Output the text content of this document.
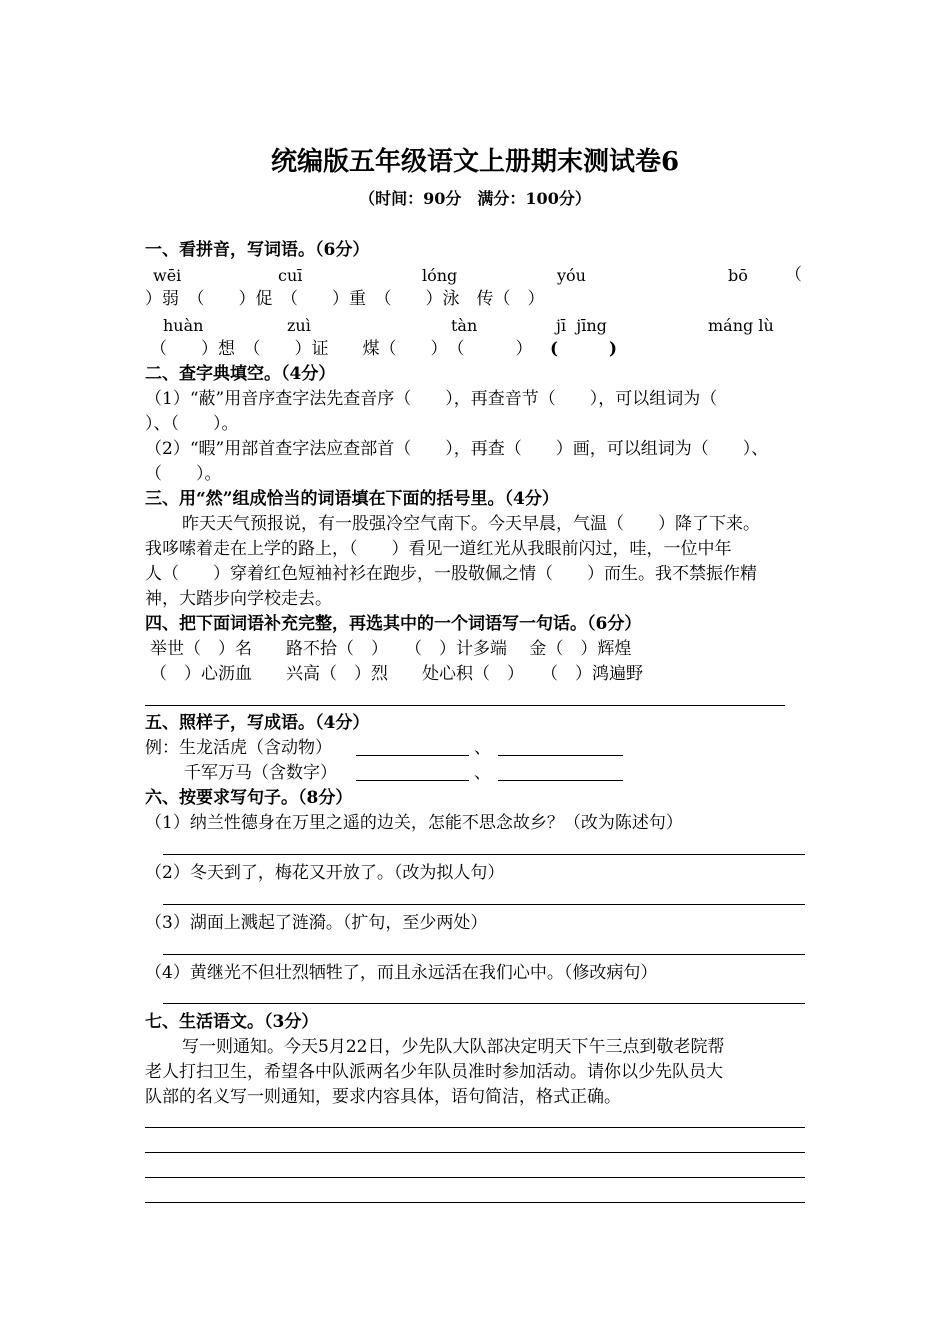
统编版五年级语文上册期末测试卷6
（时间：90分　满分：100分）
一、看拼音，写词语。（6分）
wēi	cuī	lóng	yóu	bō （
）弱　（　　）促　（　　）重　（　　）泳　传（　）
huàn	zuì	tàn	jī  jīng	máng lù
（　　）想　（　　）证　　煤（　　）　（　　　） (　　　)
二、查字典填空。（4分）
（1）“蔽”用音序查字法先查音序（　　），再查音节（　　），可以组词为（
）、（　　）。
（2）“暇”用部首查字法应查部首（　　），再查（　　）画，可以组词为（　　）、
（　　）。
三、用“然”组成恰当的词语填在下面的括号里。（4分）
昨天天气预报说，有一股强冷空气南下。今天早晨，气温（　　）降了下来。
我哆嗦着走在上学的路上，（　　）看见一道红光从我眼前闪过，哇，一位中年
人（　　）穿着红色短袖衬衫在跑步，一股敬佩之情（　　）而生。我不禁振作精
神，大踏步向学校走去。
四、把下面词语补充完整，再选其中的一个词语写一句话。（6分）
举世（　）名　　路不拾（　）　　（　）计多端　 金（　）辉煌
（　）心沥血　　兴高（　）烈　　处心积（　）　　（　）鸿遍野
五、照样子，写成语。（4分）
例：生龙活虎（含动物）	、
千军万马（含数字）	、
六、按要求写句子。（8分）
（1）纳兰性德身在万里之遥的边关，怎能不思念故乡？（改为陈述句）
（2）冬天到了，梅花又开放了。（改为拟人句）
（3）湖面上溅起了涟漪。（扩句，至少两处）
（4）黄继光不但壮烈牺牲了，而且永远活在我们心中。（修改病句）
七、生活语文。（3分）
写一则通知。今天5月22日，少先队大队部决定明天下午三点到敬老院帮
老人打扫卫生，希望各中队派两名少年队员准时参加活动。请你以少先队员大
队部的名义写一则通知，要求内容具体，语句简洁，格式正确。
